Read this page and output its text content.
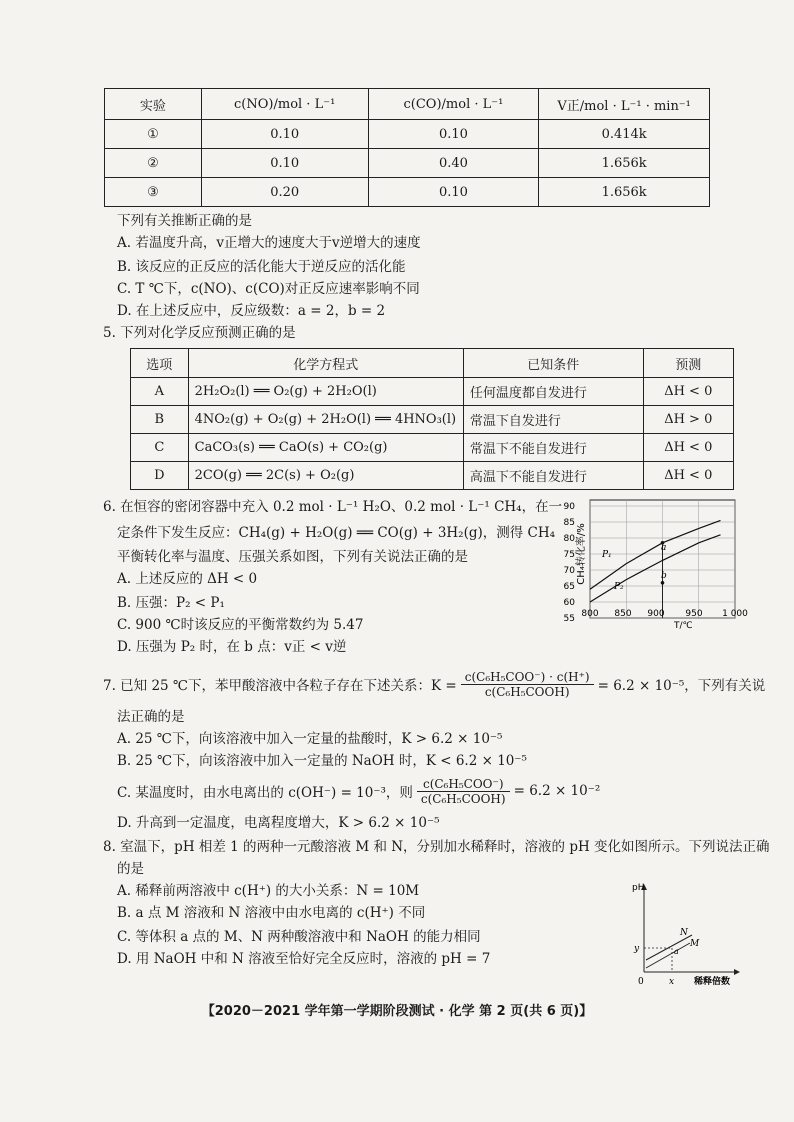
实验	c(NO)/mol · L⁻¹	c(CO)/mol · L⁻¹	V正/mol · L⁻¹ · min⁻¹
①	0.10	0.10	0.414k
②	0.10	0.40	1.656k
③	0.20	0.10	1.656k
下列有关推断正确的是
A. 若温度升高，v正增大的速度大于v逆增大的速度
B. 该反应的正反应的活化能大于逆反应的活化能
C. T ℃下，c(NO)、c(CO)对正反应速率影响不同
D. 在上述反应中，反应级数：a = 2，b = 2
5. 下列对化学反应预测正确的是
选项	化学方程式	已知条件	预测
A	2H₂O₂(l) ══ O₂(g) + 2H₂O(l)	任何温度都自发进行	ΔH < 0
B	4NO₂(g) + O₂(g) + 2H₂O(l) ══ 4HNO₃(l)	常温下自发进行	ΔH > 0
C	CaCO₃(s) ══ CaO(s) + CO₂(g)	常温下不能自发进行	ΔH < 0
D	2CO(g) ══ 2C(s) + O₂(g)	高温下不能自发进行	ΔH < 0
6. 在恒容的密闭容器中充入 0.2 mol · L⁻¹ H₂O、0.2 mol · L⁻¹ CH₄，在一
定条件下发生反应：CH₄(g) + H₂O(g) ══ CO(g) + 3H₂(g)，测得 CH₄
平衡转化率与温度、压强关系如图，下列有关说法正确的是
A. 上述反应的 ΔH < 0
B. 压强：P₂ < P₁
C. 900 ℃时该反应的平衡常数约为 5.47
D. 压强为 P₂ 时，在 b 点：v正 < v逆
CH₄转化率/%
T/℃
90
85
80
75
70
65
60
55 800 850 900 950 1 000
P₁
P₂
a
b
7. 已知 25 ℃下，苯甲酸溶液中各粒子存在下述关系：$K = \frac{\text{c(C₆H₅COO⁻) · c(H⁺)}}{\text{c(C₆H₅COOH)}} = 6.2 \times 10^{-5}$，下列有关说
法正确的是
A. 25 ℃下，向该溶液中加入一定量的盐酸时，K > 6.2 × 10⁻⁵
B. 25 ℃下，向该溶液中加入一定量的 NaOH 时，K < 6.2 × 10⁻⁵
C. 某温度时，由水电离出的 c(OH⁻) = 10⁻³，则 $\frac{\text{c(C₆H₅COO⁻)}}{\text{c(C₆H₅COOH)}} = 6.2 \times 10^{-2}$
D. 升高到一定温度，电离程度增大，K > 6.2 × 10⁻⁵
8. 室温下，pH 相差 1 的两种一元酸溶液 M 和 N，分别加水稀释时，溶液的 pH 变化如图所示。下列说法正确
的是
A. 稀释前两溶液中 c(H⁺) 的大小关系：N = 10M
B. a 点 M 溶液和 N 溶液中由水电离的 c(H⁺) 不同
C. 等体积 a 点的 M、N 两种酸溶液中和 NaOH 的能力相同
D. 用 NaOH 中和 N 溶液至恰好完全反应时，溶液的 pH = 7
pH
y
0	x 稀释倍数
N
M
a
【2020－2021 学年第一学期阶段测试 · 化学 第 2 页(共 6 页)】
